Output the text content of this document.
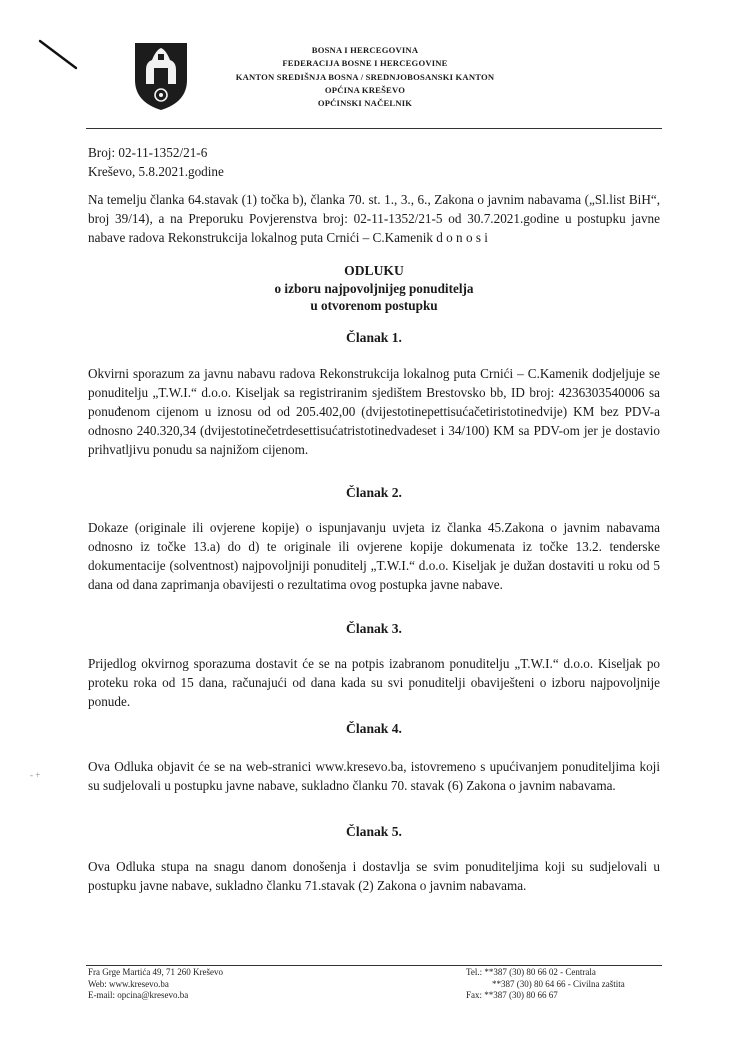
- +
BOSNA I HERCEGOVINA
FEDERACIJA BOSNE I HERCEGOVINE
KANTON SREDIŠNJA BOSNA / SREDNJOBOSANSKI KANTON
OPĆINA KREŠEVO
OPĆINSKI NAČELNIK
Broj: 02-11-1352/21-6
Kreševo, 5.8.2021.godine
Na temelju članka 64.stavak (1) točka b), članka 70. st. 1., 3., 6., Zakona o javnim nabavama („Sl.list BiH“, broj 39/14), a na Preporuku Povjerenstva broj: 02-11-1352/21-5 od 30.7.2021.godine u postupku javne nabave radova Rekonstrukcija lokalnog puta Crnići – C.Kamenik d o n o s i
ODLUKU
o izboru najpovoljnijeg ponuditelja
u otvorenom postupku
Članak 1.
Okvirni sporazum za javnu nabavu radova Rekonstrukcija lokalnog puta Crnići – C.Kamenik dodjeljuje se ponuditelju „T.W.I.“ d.o.o. Kiseljak sa registriranim sjedištem Brestovsko bb, ID broj: 4236303540006 sa ponuđenom cijenom u iznosu od od 205.402,00 (dvijestotinepettisućačetiristotinedvije) KM bez PDV-a odnosno 240.320,34 (dvijestotinečetrdesettisućatristotinedvadeset i 34/100) KM sa PDV-om jer je dostavio prihvatljivu ponudu sa najnižom cijenom.
Članak 2.
Dokaze (originale ili ovjerene kopije) o ispunjavanju uvjeta iz članka 45.Zakona o javnim nabavama odnosno iz točke 13.a) do d) te originale ili ovjerene kopije dokumenata iz točke 13.2. tenderske dokumentacije (solventnost) najpovoljniji ponuditelj „T.W.I.“ d.o.o. Kiseljak je dužan dostaviti u roku od 5 dana od dana zaprimanja obavijesti o rezultatima ovog postupka javne nabave.
Članak 3.
Prijedlog okvirnog sporazuma dostavit će se na potpis izabranom ponuditelju „T.W.I.“ d.o.o. Kiseljak po proteku roka od 15 dana, računajući od dana kada su svi ponuditelji obaviješteni o izboru najpovoljnije ponude.
Članak 4.
Ova Odluka objavit će se na web-stranici www.kresevo.ba, istovremeno s upućivanjem ponuditeljima koji su sudjelovali u postupku javne nabave, sukladno članku 70. stavak (6) Zakona o javnim nabavama.
Članak 5.
Ova Odluka stupa na snagu danom donošenja i dostavlja se svim ponuditeljima koji su sudjelovali u postupku javne nabave, sukladno članku 71.stavak (2) Zakona o javnim nabavama.
Fra Grge Martića 49, 71 260 Kreševo
Web: www.kresevo.ba
E-mail: opcina@kresevo.ba
Tel.: **387 (30) 80 66 02 - Centrala
**387 (30) 80 64 66 - Civilna zaštita
Fax: **387 (30) 80 66 67
